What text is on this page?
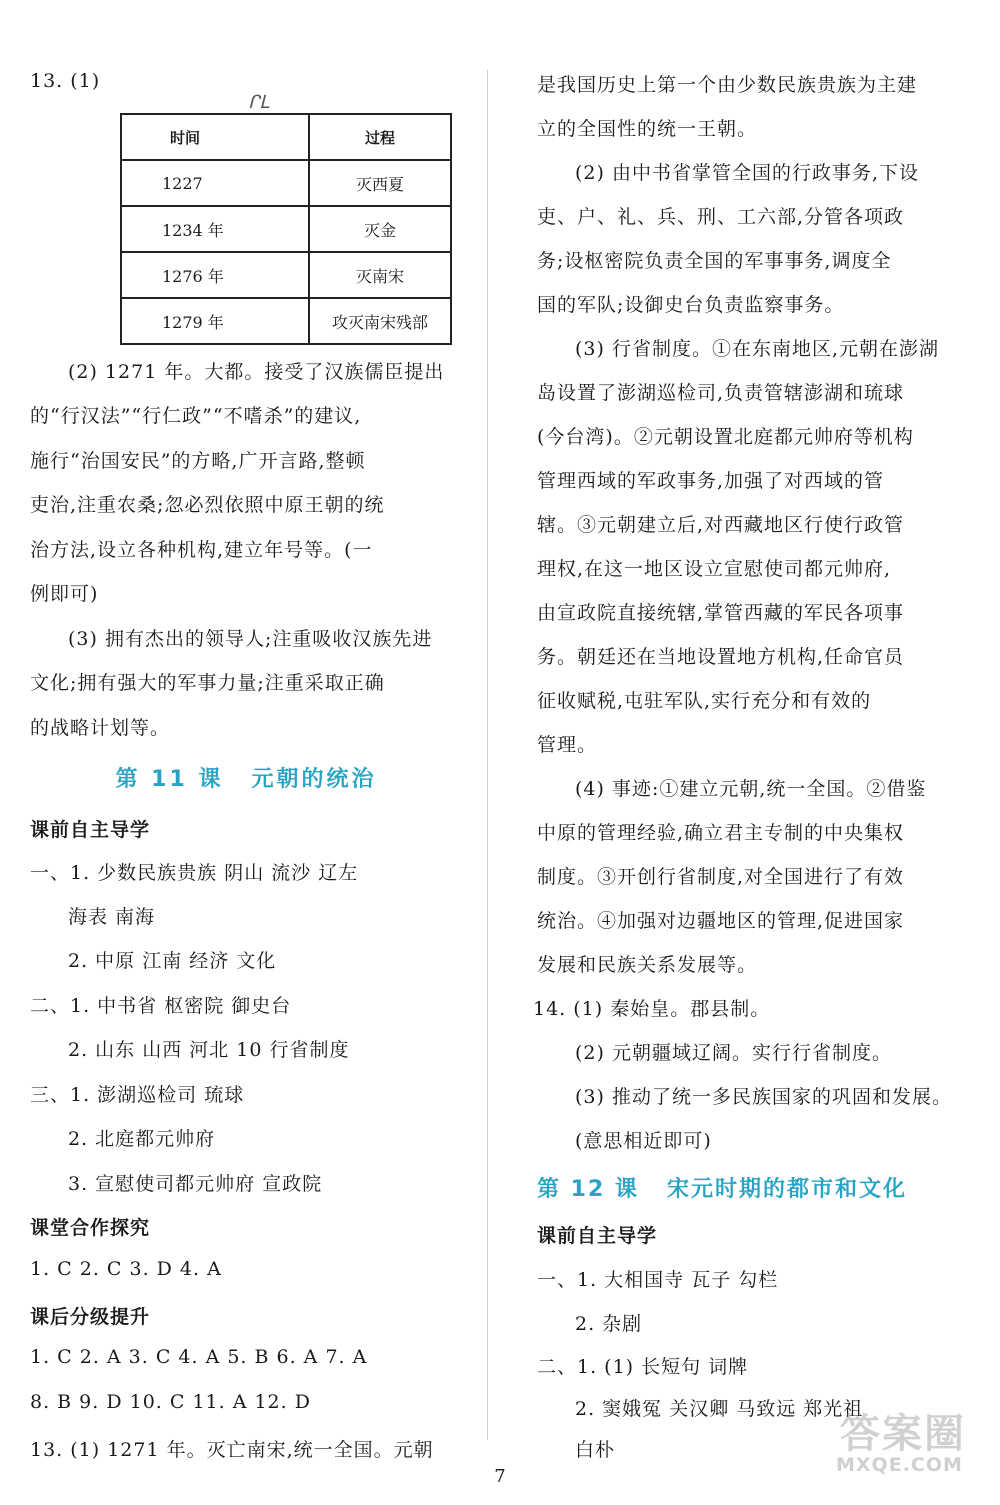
13. (1)
ᒋᒪ
时间	过程
1227	灭西夏
1234 年	灭金
1276 年	灭南宋
1279 年	攻灭南宋残部
(2) 1271 年。大都。接受了汉族儒臣提出
的“行汉法”“行仁政”“不嗜杀”的建议,
施行“治国安民”的方略,广开言路,整顿
吏治,注重农桑;忽必烈依照中原王朝的统
治方法,设立各种机构,建立年号等。(一
例即可)
(3) 拥有杰出的领导人;注重吸收汉族先进
文化;拥有强大的军事力量;注重采取正确
的战略计划等。
第 11 课 元朝的统治
课前自主导学
一、1. 少数民族贵族 阴山 流沙 辽左
海表 南海
2. 中原 江南 经济 文化
二、1. 中书省 枢密院 御史台
2. 山东 山西 河北 10 行省制度
三、1. 澎湖巡检司 琉球
2. 北庭都元帅府
3. 宣慰使司都元帅府 宣政院
课堂合作探究
1. C 2. C 3. D 4. A
课后分级提升
1. C 2. A 3. C 4. A 5. B 6. A 7. A
8. B 9. D 10. C 11. A 12. D
13. (1) 1271 年。灭亡南宋,统一全国。元朝
是我国历史上第一个由少数民族贵族为主建
立的全国性的统一王朝。
(2) 由中书省掌管全国的行政事务,下设
吏、户、礼、兵、刑、工六部,分管各项政
务;设枢密院负责全国的军事事务,调度全
国的军队;设御史台负责监察事务。
(3) 行省制度。①在东南地区,元朝在澎湖
岛设置了澎湖巡检司,负责管辖澎湖和琉球
(今台湾)。②元朝设置北庭都元帅府等机构
管理西域的军政事务,加强了对西域的管
辖。③元朝建立后,对西藏地区行使行政管
理权,在这一地区设立宣慰使司都元帅府,
由宣政院直接统辖,掌管西藏的军民各项事
务。朝廷还在当地设置地方机构,任命官员
征收赋税,屯驻军队,实行充分和有效的
管理。
(4) 事迹:①建立元朝,统一全国。②借鉴
中原的管理经验,确立君主专制的中央集权
制度。③开创行省制度,对全国进行了有效
统治。④加强对边疆地区的管理,促进国家
发展和民族关系发展等。
14. (1) 秦始皇。郡县制。
(2) 元朝疆域辽阔。实行行省制度。
(3) 推动了统一多民族国家的巩固和发展。
(意思相近即可)
第 12 课 宋元时期的都市和文化
课前自主导学
一、1. 大相国寺 瓦子 勾栏
2. 杂剧
二、1. (1) 长短句 词牌
2. 窦娥冤 关汉卿 马致远 郑光祖
白朴
7
答案圈
MXQE.COM
